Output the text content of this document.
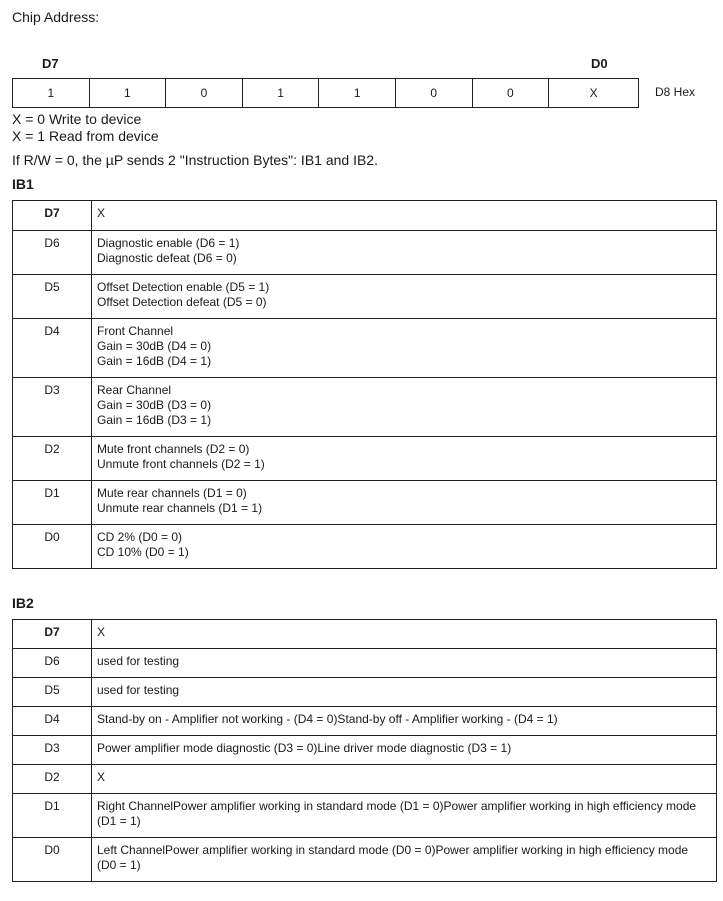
Chip Address:
D7	D0
1	1	0	1	1	0	0	X	D8 Hex
X = 0 Write to device
X = 1 Read from device
If R/W = 0, the µP sends 2 "Instruction Bytes": IB1 and IB2.
IB1
D7	X

D6	Diagnostic enable (D6 = 1)
Diagnostic defeat (D6 = 0)

D5	Offset Detection enable (D5 = 1)
Offset Detection defeat (D5 = 0)

D4	Front Channel
Gain = 30dB (D4 = 0)
Gain = 16dB (D4 = 1)

D3	Rear Channel
Gain = 30dB (D3 = 0)
Gain = 16dB (D3 = 1)

D2	Mute front channels (D2 = 0)
Unmute front channels (D2 = 1)

D1	Mute rear channels (D1 = 0)
Unmute rear channels (D1 = 1)

D0	CD 2% (D0 = 0)
CD 10% (D0 = 1)
IB2
D7	X

D6	used for testing

D5	used for testing

D4	Stand-by on - Amplifier not working - (D4 = 0)Stand-by off - Amplifier working - (D4 = 1)

D3	Power amplifier mode diagnostic (D3 = 0)Line driver mode diagnostic (D3 = 1)

D2	X

D1	Right ChannelPower amplifier working in standard mode (D1 = 0)Power amplifier working in high efficiency mode (D1 = 1)

D0	Left ChannelPower amplifier working in standard mode (D0 = 0)Power amplifier working in high efficiency mode (D0 = 1)
